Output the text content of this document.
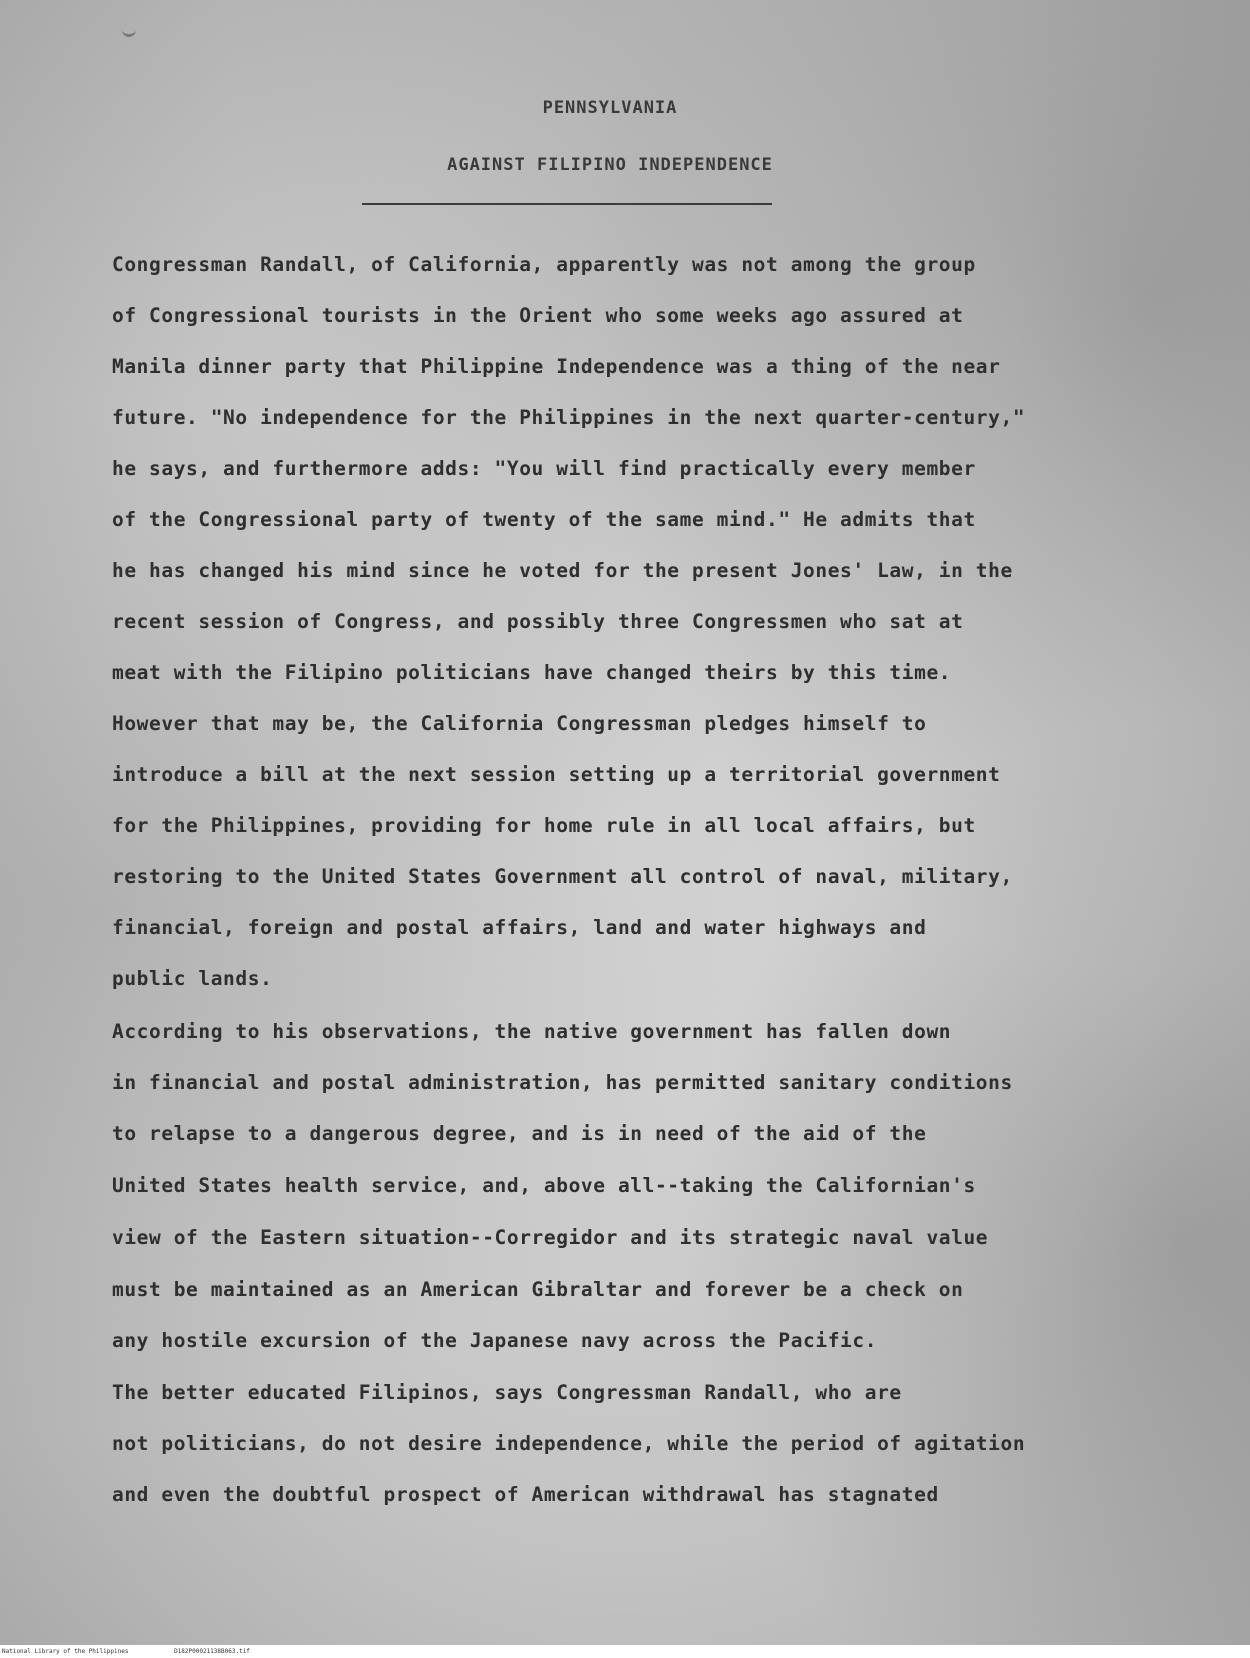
PENNSYLVANIA
AGAINST FILIPINO INDEPENDENCE
Congressman Randall, of California, apparently was not among the group
of Congressional tourists in the Orient who some weeks ago assured at
Manila dinner party that Philippine Independence was a thing of the near
future. "No independence for the Philippines in the next quarter-century,"
he says, and furthermore adds: "You will find practically every member
of the Congressional party of twenty of the same mind." He admits that
he has changed his mind since he voted for the present Jones' Law, in the
recent session of Congress, and possibly three Congressmen who sat at
meat with the Filipino politicians have changed theirs by this time.
However that may be, the California Congressman pledges himself to
introduce a bill at the next session setting up a territorial government
for the Philippines, providing for home rule in all local affairs, but
restoring to the United States Government all control of naval, military,
financial, foreign and postal affairs, land and water highways and
public lands.
According to his observations, the native government has fallen down
in financial and postal administration, has permitted sanitary conditions
to relapse to a dangerous degree, and is in need of the aid of the
United States health service, and, above all--taking the Californian's
view of the Eastern situation--Corregidor and its strategic naval value
must be maintained as an American Gibraltar and forever be a check on
any hostile excursion of the Japanese navy across the Pacific.
The better educated Filipinos, says Congressman Randall, who are
not politicians, do not desire independence, while the period of agitation
and even the doubtful prospect of American withdrawal has stagnated
National Library of the Philippines	D182P00021138B063.tif
